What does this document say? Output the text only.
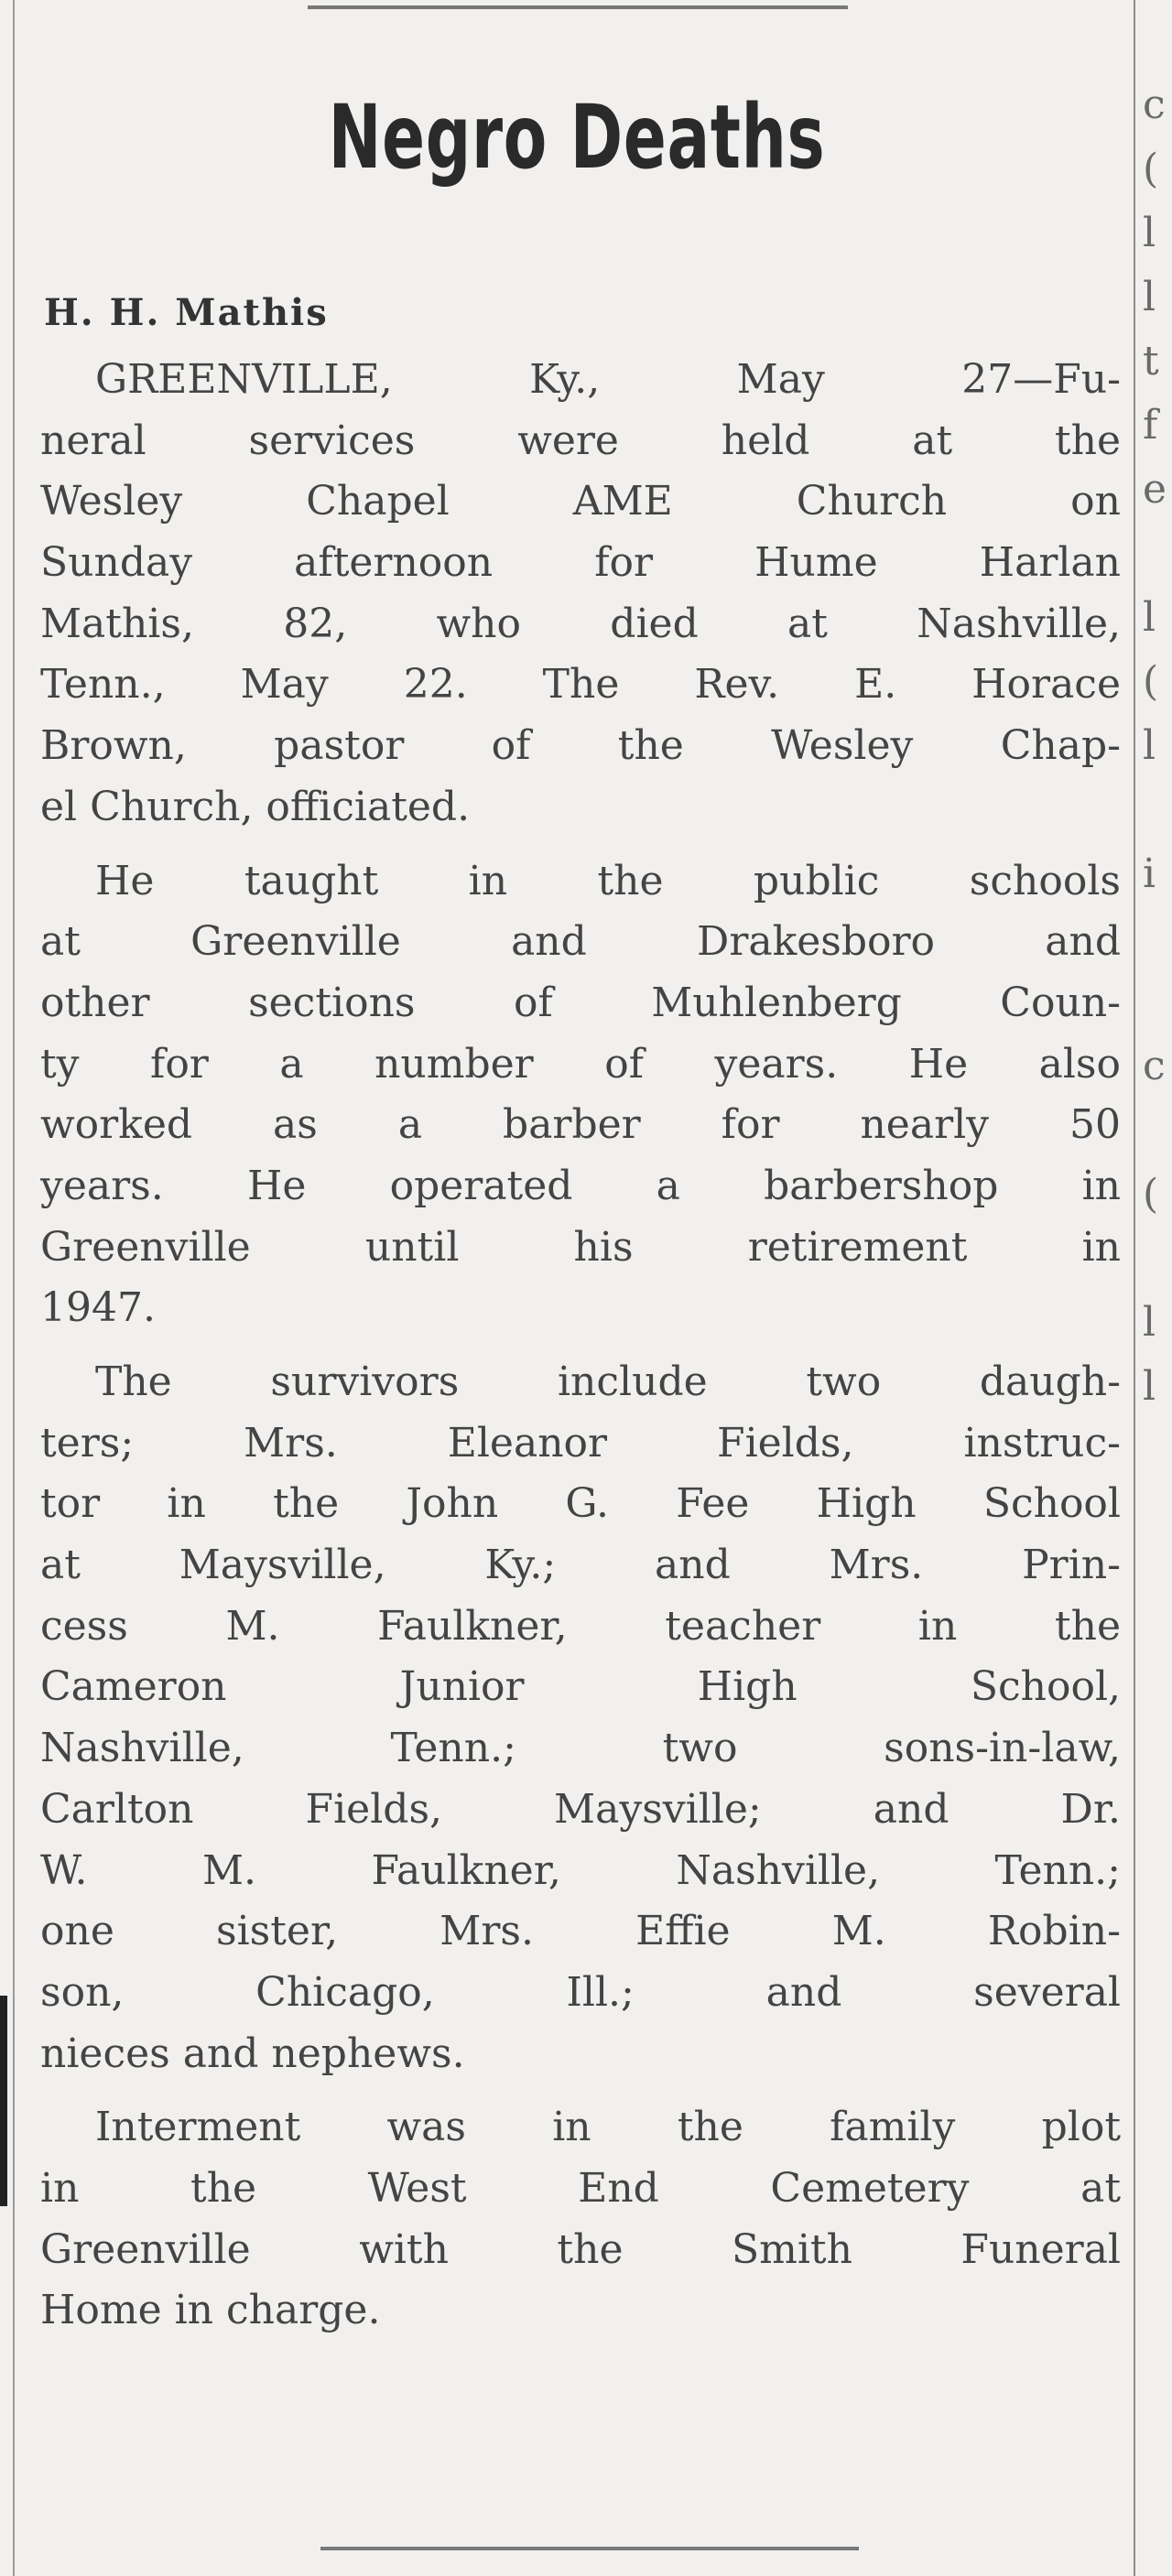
c
(
l
l
t
f
e
l
(
l
i
c
(
l
l
Negro Deaths
H. H. Mathis
GREENVILLE, Ky., May 27—Fu-
neral services were held at the
Wesley Chapel AME Church on
Sunday afternoon for Hume Harlan
Mathis, 82, who died at Nashville,
Tenn., May 22. The Rev. E. Horace
Brown, pastor of the Wesley Chap-
el Church, officiated.
He taught in the public schools
at Greenville and Drakesboro and
other sections of Muhlenberg Coun-
ty for a number of years. He also
worked as a barber for nearly 50
years. He operated a barbershop in
Greenville until his retirement in
1947.
The survivors include two daugh-
ters; Mrs. Eleanor Fields, instruc-
tor in the John G. Fee High School
at Maysville, Ky.; and Mrs. Prin-
cess M. Faulkner, teacher in the
Cameron Junior High School,
Nashville, Tenn.; two sons-in-law,
Carlton Fields, Maysville; and Dr.
W. M. Faulkner, Nashville, Tenn.;
one sister, Mrs. Effie M. Robin-
son, Chicago, Ill.; and several
nieces and nephews.
Interment was in the family plot
in the West End Cemetery at
Greenville with the Smith Funeral
Home in charge.
